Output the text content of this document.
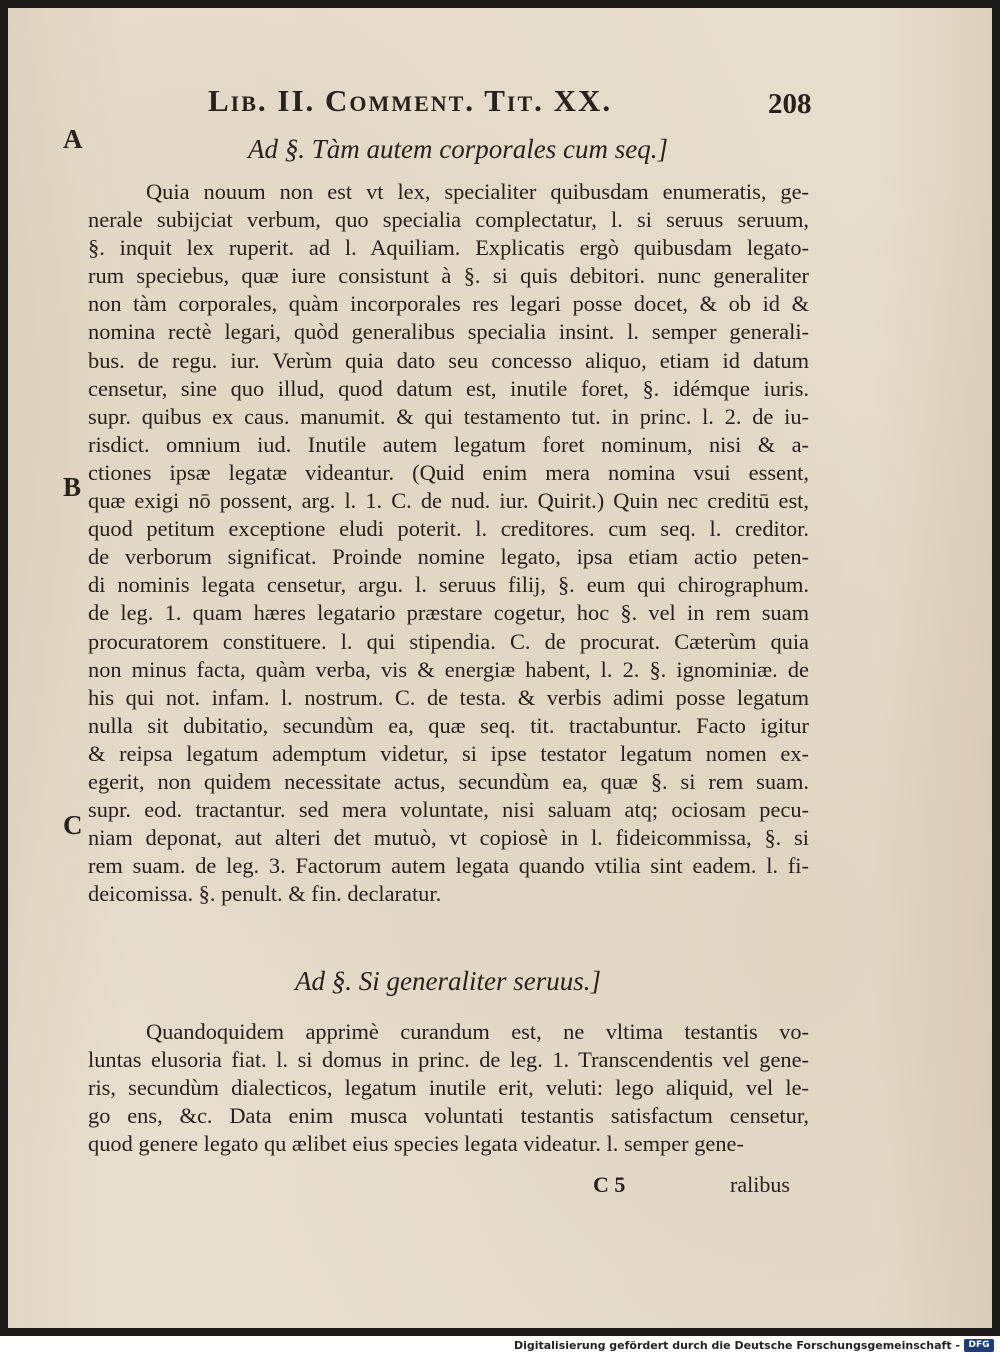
Lib. II. Comment. Tit. XX.	208
A	Ad §. Tàm autem corporales cum seq.]
Quia nouum non est vt lex, specialiter quibusdam enumeratis, ge-
nerale subijciat verbum, quo specialia complectatur, l. si seruus seruum,
§. inquit lex ruperit. ad l. Aquiliam. Explicatis ergò quibusdam legato-
rum speciebus, quæ iure consistunt à §. si quis debitori. nunc generaliter
non tàm corporales, quàm incorporales res legari posse docet, & ob id &
nomina rectè legari, quòd generalibus specialia insint. l. semper generali-
bus. de regu. iur. Verùm quia dato seu concesso aliquo, etiam id datum
censetur, sine quo illud, quod datum est, inutile foret, §. idémque iuris.
supr. quibus ex caus. manumit. & qui testamento tut. in princ. l. 2. de iu-
risdict. omnium iud. Inutile autem legatum foret nominum, nisi & a-
ctiones ipsæ legatæ videantur. (Quid enim mera nomina vsui essent,
quæ exigi nō possent, arg. l. 1. C. de nud. iur. Quirit.) Quin nec creditū est,
quod petitum exceptione eludi poterit. l. creditores. cum seq. l. creditor.
de verborum significat. Proinde nomine legato, ipsa etiam actio peten-
di nominis legata censetur, argu. l. seruus filij, §. eum qui chirographum.
de leg. 1. quam hæres legatario præstare cogetur, hoc §. vel in rem suam
procuratorem constituere. l. qui stipendia. C. de procurat. Cæterùm quia
non minus facta, quàm verba, vis & energiæ habent, l. 2. §. ignominiæ. de
his qui not. infam. l. nostrum. C. de testa. & verbis adimi posse legatum
nulla sit dubitatio, secundùm ea, quæ seq. tit. tractabuntur. Facto igitur
& reipsa legatum ademptum videtur, si ipse testator legatum nomen ex-
egerit, non quidem necessitate actus, secundùm ea, quæ §. si rem suam.
supr. eod. tractantur. sed mera voluntate, nisi saluam atq; ociosam pecu-
niam deponat, aut alteri det mutuò, vt copiosè in l. fideicommissa, §. si
rem suam. de leg. 3. Factorum autem legata quando vtilia sint eadem. l. fi-
deicomissa. §. penult. & fin. declaratur.
B
C
Ad §. Si generaliter seruus.]
Quandoquidem apprimè curandum est, ne vltima testantis vo-
luntas elusoria fiat. l. si domus in princ. de leg. 1. Transcendentis vel gene-
ris, secundùm dialecticos, legatum inutile erit, veluti: lego aliquid, vel le-
go ens, &c. Data enim musca voluntati testantis satisfactum censetur,
quod genere legato qu ælibet eius species legata videatur. l. semper gene-
C 5	ralibus
Digitalisierung gefördert durch die Deutsche Forschungsgemeinschaft - DFG
